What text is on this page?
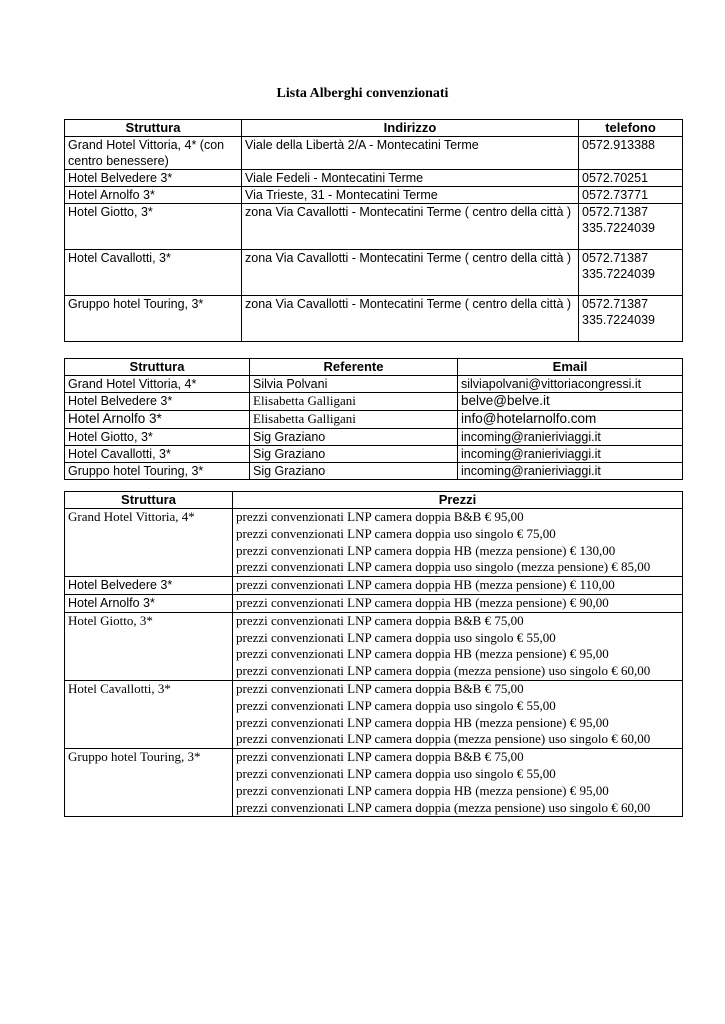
Lista Alberghi convenzionati
Struttura	Indirizzo	telefono
Grand Hotel Vittoria, 4* (con centro benessere)	Viale della Libertà 2/A - Montecatini Terme	0572.913388

Hotel Belvedere 3*	Viale Fedeli - Montecatini Terme	0572.70251

Hotel Arnolfo 3*	Via Trieste, 31 - Montecatini Terme	0572.73771

Hotel Giotto, 3*	zona Via Cavallotti - Montecatini Terme ( centro della città )	0572.71387
335.7224039

Hotel Cavallotti, 3*	zona Via Cavallotti - Montecatini Terme ( centro della città )	0572.71387
335.7224039

Gruppo hotel Touring, 3*	zona Via Cavallotti - Montecatini Terme ( centro della città )	0572.71387
335.7224039
Struttura	Referente	Email
Grand Hotel Vittoria, 4*	Silvia Polvani	silviapolvani@vittoriacongressi.it
Hotel Belvedere 3*	Elisabetta Galligani	belve@belve.it
Hotel Arnolfo 3*	Elisabetta Galligani	info@hotelarnolfo.com
Hotel Giotto, 3*	Sig Graziano	incoming@ranieriviaggi.it
Hotel Cavallotti, 3*	Sig Graziano	incoming@ranieriviaggi.it
Gruppo hotel Touring, 3*	Sig Graziano	incoming@ranieriviaggi.it
Struttura	Prezzi
Grand Hotel Vittoria, 4*	prezzi convenzionati LNP camera doppia B&B € 95,00
prezzi convenzionati LNP camera doppia uso singolo € 75,00
prezzi convenzionati LNP camera doppia HB (mezza pensione) € 130,00
prezzi convenzionati LNP camera doppia uso singolo (mezza pensione) € 85,00

Hotel Belvedere 3*	prezzi convenzionati LNP camera doppia HB (mezza pensione) € 110,00

Hotel Arnolfo 3*	prezzi convenzionati LNP camera doppia HB (mezza pensione) € 90,00

Hotel Giotto, 3*	prezzi convenzionati LNP camera doppia B&B € 75,00
prezzi convenzionati LNP camera doppia uso singolo € 55,00
prezzi convenzionati LNP camera doppia HB (mezza pensione) € 95,00
prezzi convenzionati LNP camera doppia (mezza pensione) uso singolo € 60,00

Hotel Cavallotti, 3*	prezzi convenzionati LNP camera doppia B&B € 75,00
prezzi convenzionati LNP camera doppia uso singolo € 55,00
prezzi convenzionati LNP camera doppia HB (mezza pensione) € 95,00
prezzi convenzionati LNP camera doppia (mezza pensione) uso singolo € 60,00

Gruppo hotel Touring, 3*	prezzi convenzionati LNP camera doppia B&B € 75,00
prezzi convenzionati LNP camera doppia uso singolo € 55,00
prezzi convenzionati LNP camera doppia HB (mezza pensione) € 95,00
prezzi convenzionati LNP camera doppia (mezza pensione) uso singolo € 60,00
